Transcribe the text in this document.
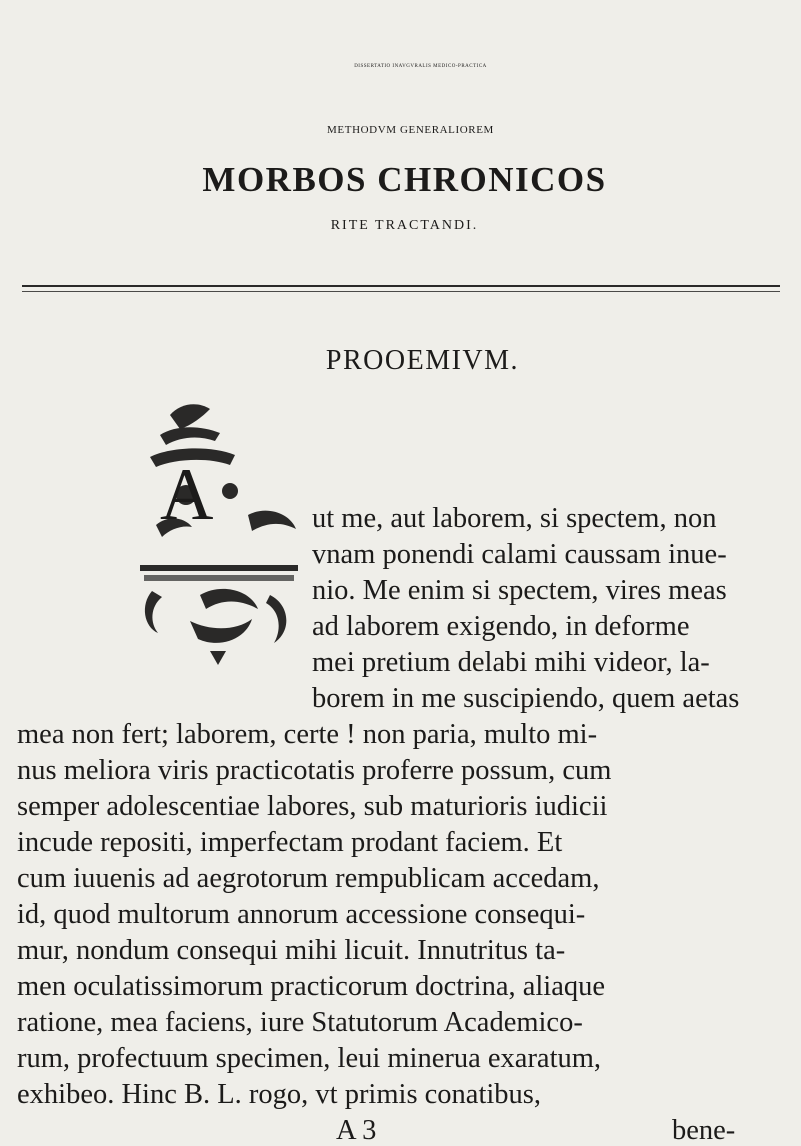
DISSERTATIO INAVGVRALIS MEDICO-PRACTICA
METHODVM GENERALIOREM
MORBOS CHRONICOS
RITE TRACTANDI.
PROOEMIVM.
A	ut me, aut laborem, si spectem, non
vnam ponendi calami caussam inue-
nio. Me enim si spectem, vires meas
ad laborem exigendo, in deforme
mei pretium delabi mihi videor, la-
borem in me suscipiendo, quem aetas
mea non fert; laborem, certe ! non paria, multo mi-
nus meliora viris practicotatis proferre possum, cum
semper adolescentiae labores, sub maturioris iudicii
incude repositi, imperfectam prodant faciem. Et
cum iuuenis ad aegrotorum rempublicam accedam,
id, quod multorum annorum accessione consequi-
mur, nondum consequi mihi licuit. Innutritus ta-
men oculatissimorum practicorum doctrina, aliaque
ratione, mea faciens, iure Statutorum Academico-
rum, profectuum specimen, leui minerua exaratum,
exhibeo. Hinc B. L. rogo, vt primis conatibus,
A 3	bene-
